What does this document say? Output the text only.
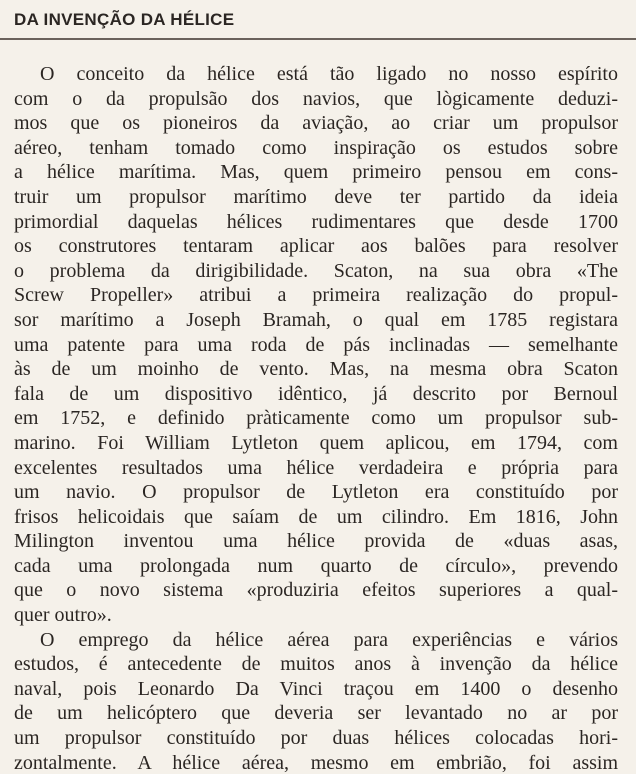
DA INVENÇÃO DA HÉLICE
O conceito da hélice está tão ligado no nosso espírito
com o da propulsão dos navios, que lògicamente deduzi-
mos que os pioneiros da aviação, ao criar um propulsor
aéreo, tenham tomado como inspiração os estudos sobre
a hélice marítima. Mas, quem primeiro pensou em cons-
truir um propulsor marítimo deve ter partido da ideia
primordial daquelas hélices rudimentares que desde 1700
os construtores tentaram aplicar aos balões para resolver
o problema da dirigibilidade. Scaton, na sua obra «The
Screw Propeller» atribui a primeira realização do propul-
sor marítimo a Joseph Bramah, o qual em 1785 registara
uma patente para uma roda de pás inclinadas — semelhante
às de um moinho de vento. Mas, na mesma obra Scaton
fala de um dispositivo idêntico, já descrito por Bernoul
em 1752, e definido pràticamente como um propulsor sub-
marino. Foi William Lytleton quem aplicou, em 1794, com
excelentes resultados uma hélice verdadeira e própria para
um navio. O propulsor de Lytleton era constituído por
frisos helicoidais que saíam de um cilindro. Em 1816, John
Milington inventou uma hélice provida de «duas asas,
cada uma prolongada num quarto de círculo», prevendo
que o novo sistema «produziria efeitos superiores a qual-
quer outro».
O emprego da hélice aérea para experiências e vários
estudos, é antecedente de muitos anos à invenção da hélice
naval, pois Leonardo Da Vinci traçou em 1400 o desenho
de um helicóptero que deveria ser levantado no ar por
um propulsor constituído por duas hélices colocadas hori-
zontalmente. A hélice aérea, mesmo em embrião, foi assim
